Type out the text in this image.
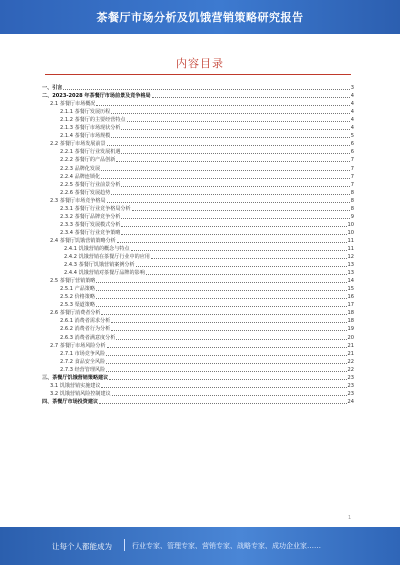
茶餐厅市场分析及饥饿营销策略研究报告
内容目录
一、引言	3
二、2023-2028 年茶餐厅市场前景及竞争格局	4
2.1 茶餐厅市场概况	4
2.1.1 茶餐厅发展历程	4
2.1.2 茶餐厅的主要经营特点	4
2.1.3 茶餐厅市场现状分析	4
2.1.4 茶餐厅市场规模	5
2.2 茶餐厅市场发展前景	6
2.2.1 茶餐厅行业发展机遇	6
2.2.2 茶餐厅的产品创新	7
2.2.3 品牌化发展	7
2.2.4 品牌连锁化	7
2.2.5 茶餐厅行业前景分析	7
2.2.6 茶餐厅发展趋势	8
2.3 茶餐厅市场竞争格局	8
2.3.1 茶餐厅行业竞争格局分析	8
2.3.2 茶餐厅品牌竞争分析	9
2.3.3 茶餐厅发展模式分析	10
2.3.4 茶餐厅行业竞争策略	10
2.4 茶餐厅饥饿营销策略分析	11
2.4.1 饥饿营销的概念与特点	11
2.4.2 饥饿营销在茶餐厅行业中的应用	12
2.4.3 茶餐厅饥饿营销案例分析	13
2.4.4 饥饿营销对茶餐厅品牌的影响	13
2.5 茶餐厅营销策略	14
2.5.1 产品策略	15
2.5.2 价格策略	16
2.5.3 渠道策略	17
2.6 茶餐厅消费者分析	18
2.6.1 消费者需求分析	18
2.6.2 消费者行为分析	19
2.6.3 消费者满意度分析	20
2.7 茶餐厅市场风险分析	21
2.7.1 市场竞争风险	21
2.7.2 食品安全风险	22
2.7.3 经营管理风险	22
三、茶餐厅饥饿营销策略建议	23
3.1 饥饿营销实施建议	23
3.2 饥饿营销风险控制建议	23
四、茶餐厅市场投资建议	24
1
让每个人都能成为	行业专家、管理专家、营销专家、战略专家、成功企业家……
